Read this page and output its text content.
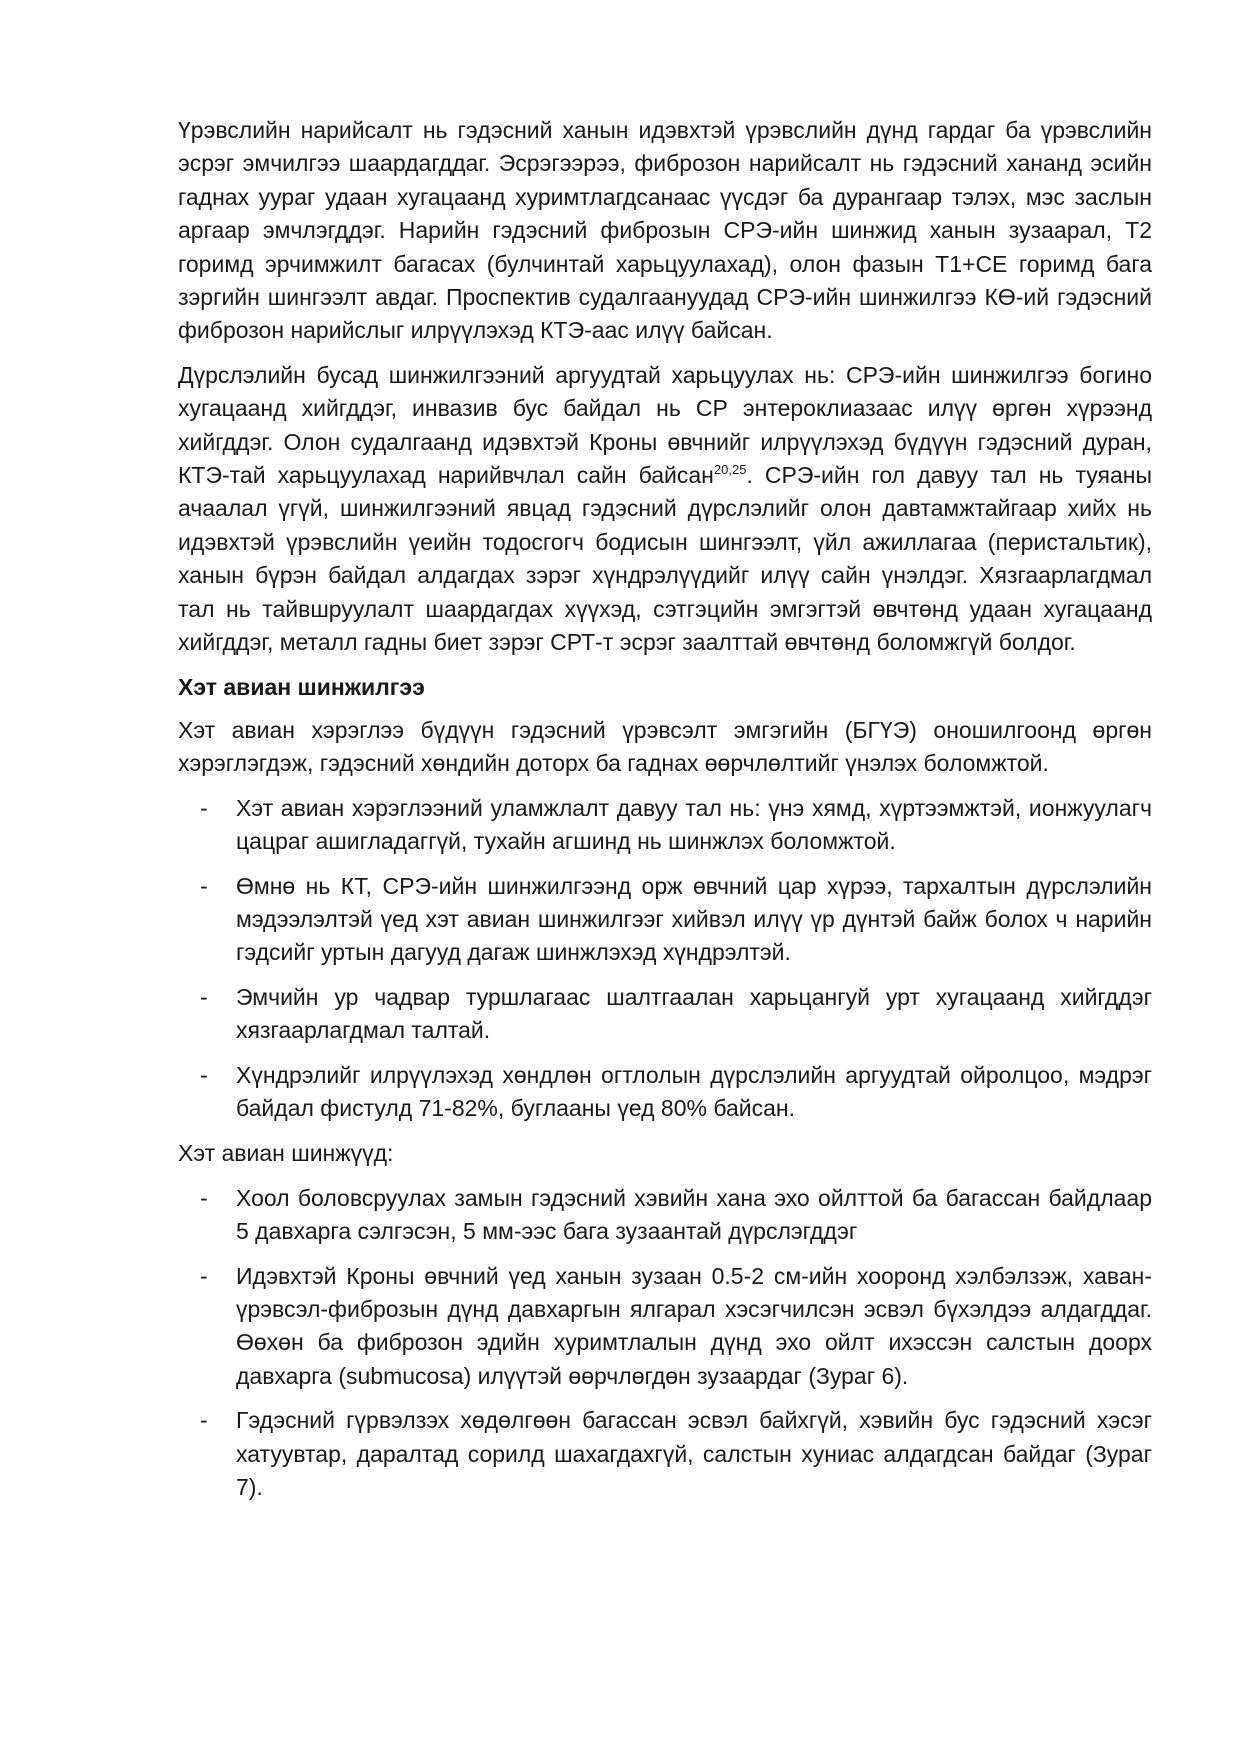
Үрэвслийн нарийсалт нь гэдэсний ханын идэвхтэй үрэвслийн дүнд гардаг ба үрэвслийн эсрэг эмчилгээ шаардагддаг. Эсрэгээрээ, фиброзон нарийсалт нь гэдэсний хананд эсийн гаднах уураг удаан хугацаанд хуримтлагдсанаас үүсдэг ба дурангаар тэлэх, мэс заслын аргаар эмчлэгддэг. Нарийн гэдэсний фиброзын СРЭ-ийн шинжид ханын зузаарал, T2 горимд эрчимжилт багасах (булчинтай харьцуулахад), олон фазын T1+CE горимд бага зэргийн шингээлт авдаг. Проспектив судалгаануудад СРЭ-ийн шинжилгээ КӨ-ий гэдэсний фиброзон нарийслыг илрүүлэхэд КТЭ-аас илүү байсан.

Дүрслэлийн бусад шинжилгээний аргуудтай харьцуулах нь: СРЭ-ийн шинжилгээ богино хугацаанд хийгддэг, инвазив бус байдал нь СР энтероклиазаас илүү өргөн хүрээнд хийгддэг. Олон судалгаанд идэвхтэй Кроны өвчнийг илрүүлэхэд бүдүүн гэдэсний дуран, КТЭ-тай харьцуулахад нарийвчлал сайн байсан$^{20,25}$. СРЭ-ийн гол давуу тал нь туяаны ачаалал үгүй, шинжилгээний явцад гэдэсний дүрслэлийг олон давтамжтайгаар хийх нь идэвхтэй үрэвслийн үеийн тодосгогч бодисын шингээлт, үйл ажиллагаа (перистальтик), ханын бүрэн байдал алдагдах зэрэг хүндрэлүүдийг илүү сайн үнэлдэг. Хязгаарлагдмал тал нь тайвшруулалт шаардагдах хүүхэд, сэтгэцийн эмгэгтэй өвчтөнд удаан хугацаанд хийгддэг, металл гадны биет зэрэг СРТ-т эсрэг заалттай өвчтөнд боломжгүй болдог.

Хэт авиан шинжилгээ

Хэт авиан хэрэглээ бүдүүн гэдэсний үрэвсэлт эмгэгийн (БГҮЭ) оношилгоонд өргөн хэрэглэгдэж, гэдэсний хөндийн доторх ба гаднах өөрчлөлтийг үнэлэх боломжтой.

- Хэт авиан хэрэглээний уламжлалт давуу тал нь: үнэ хямд, хүртээмжтэй, ионжуулагч цацраг ашигладаггүй, тухайн агшинд нь шинжлэх боломжтой.
- Өмнө нь КТ, СРЭ-ийн шинжилгээнд орж өвчний цар хүрээ, тархалтын дүрслэлийн мэдээлэлтэй үед хэт авиан шинжилгээг хийвэл илүү үр дүнтэй байж болох ч нарийн гэдсийг уртын дагууд дагаж шинжлэхэд хүндрэлтэй.
- Эмчийн ур чадвар туршлагаас шалтгаалан харьцангуй урт хугацаанд хийгддэг хязгаарлагдмал талтай.
- Хүндрэлийг илрүүлэхэд хөндлөн огтлолын дүрслэлийн аргуудтай ойролцоо, мэдрэг байдал фистулд 71-82%, буглааны үед 80% байсан.

Хэт авиан шинжүүд:

- Хоол боловсруулах замын гэдэсний хэвийн хана эхо ойлттой ба багассан байдлаар 5 давхарга сэлгэсэн, 5 мм-ээс бага зузаантай дүрслэгддэг
- Идэвхтэй Кроны өвчний үед ханын зузаан 0.5-2 см-ийн хооронд хэлбэлзэж, хаван-үрэвсэл-фиброзын дүнд давхаргын ялгарал хэсэгчилсэн эсвэл бүхэлдээ алдагддаг. Өөхөн ба фиброзон эдийн хуримтлалын дүнд эхо ойлт ихэссэн салстын доорх давхарга (submucosa) илүүтэй өөрчлөгдөн зузаардаг (Зураг 6).
- Гэдэсний гүрвэлзэх хөдөлгөөн багассан эсвэл байхгүй, хэвийн бус гэдэсний хэсэг хатуувтар, даралтад сорилд шахагдахгүй, салстын хуниас алдагдсан байдаг (Зураг 7).
